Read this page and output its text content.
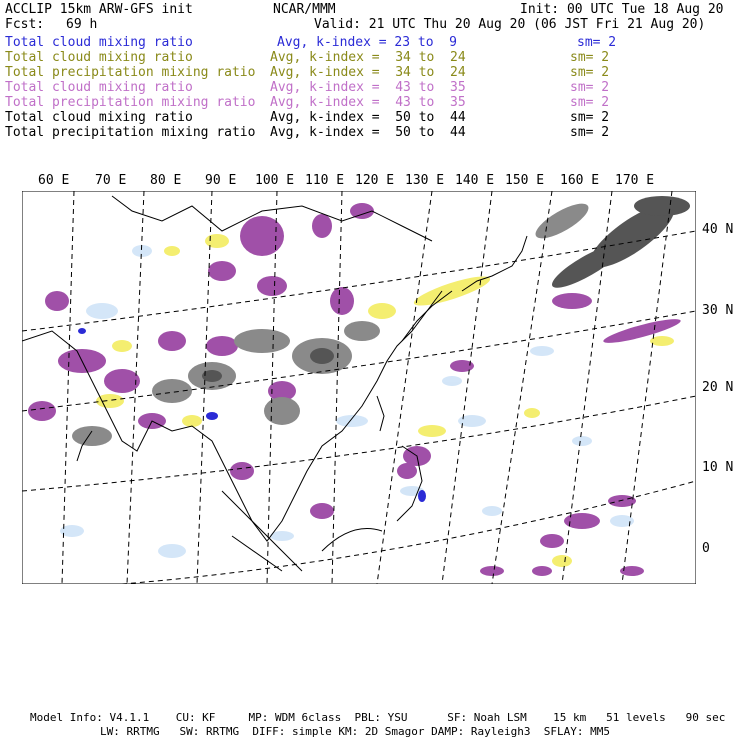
ACCLIP 15km ARW-GFS init	NCAR/MMM	Init: 00 UTC Tue 18 Aug 20
Fcst: 69 h	Valid: 21 UTC Thu 20 Aug 20 (06 JST Fri 21 Aug 20)
Total cloud mixing ratio	Avg, k-index = 23 to  9	sm= 2
Total cloud mixing ratio	Avg, k-index =  34 to  24	sm= 2
Total precipitation mixing ratio Avg, k-index =  34 to  24	sm= 2
Total cloud mixing ratio	Avg, k-index =  43 to  35	sm= 2
Total precipitation mixing ratio Avg, k-index =  43 to  35	sm= 2
Total cloud mixing ratio	Avg, k-index =  50 to  44	sm= 2
Total precipitation mixing ratio Avg, k-index =  50 to  44	sm= 2
60 E 70 E 80 E 90 E 100 E 110 E 120 E 130 E 140 E 150 E 160 E 170 E
40 N
30 N
20 N
10 N
0
Model Info: V4.1.1    CU: KF     MP: WDM 6class  PBL: YSU      SF: Noah LSM    15 km   51 levels   90 sec
LW: RRTMG   SW: RRTMG  DIFF: simple KM: 2D Smagor DAMP: Rayleigh3  SFLAY: MM5
